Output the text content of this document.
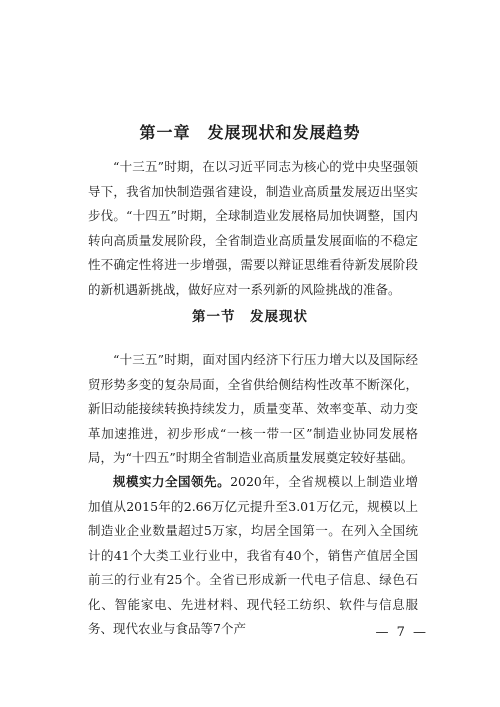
第一章　发展现状和发展趋势

“十三五”时期，在以习近平同志为核心的党中央坚强领导下，我省加快制造强省建设，制造业高质量发展迈出坚实步伐。“十四五”时期，全球制造业发展格局加快调整，国内转向高质量发展阶段，全省制造业高质量发展面临的不稳定性不确定性将进一步增强，需要以辩证思维看待新发展阶段的新机遇新挑战，做好应对一系列新的风险挑战的准备。

第一节　发展现状

“十三五”时期，面对国内经济下行压力增大以及国际经贸形势多变的复杂局面，全省供给侧结构性改革不断深化，新旧动能接续转换持续发力，质量变革、效率变革、动力变革加速推进，初步形成“一核一带一区”制造业协同发展格局，为“十四五”时期全省制造业高质量发展奠定较好基础。

规模实力全国领先。2020年，全省规模以上制造业增加值从2015年的2.66万亿元提升至3.01万亿元，规模以上制造业企业数量超过5万家，均居全国第一。在列入全国统计的41个大类工业行业中，我省有40个，销售产值居全国前三的行业有25个。全省已形成新一代电子信息、绿色石化、智能家电、先进材料、现代轻工纺织、软件与信息服务、现代农业与食品等7个产	— 7 —
